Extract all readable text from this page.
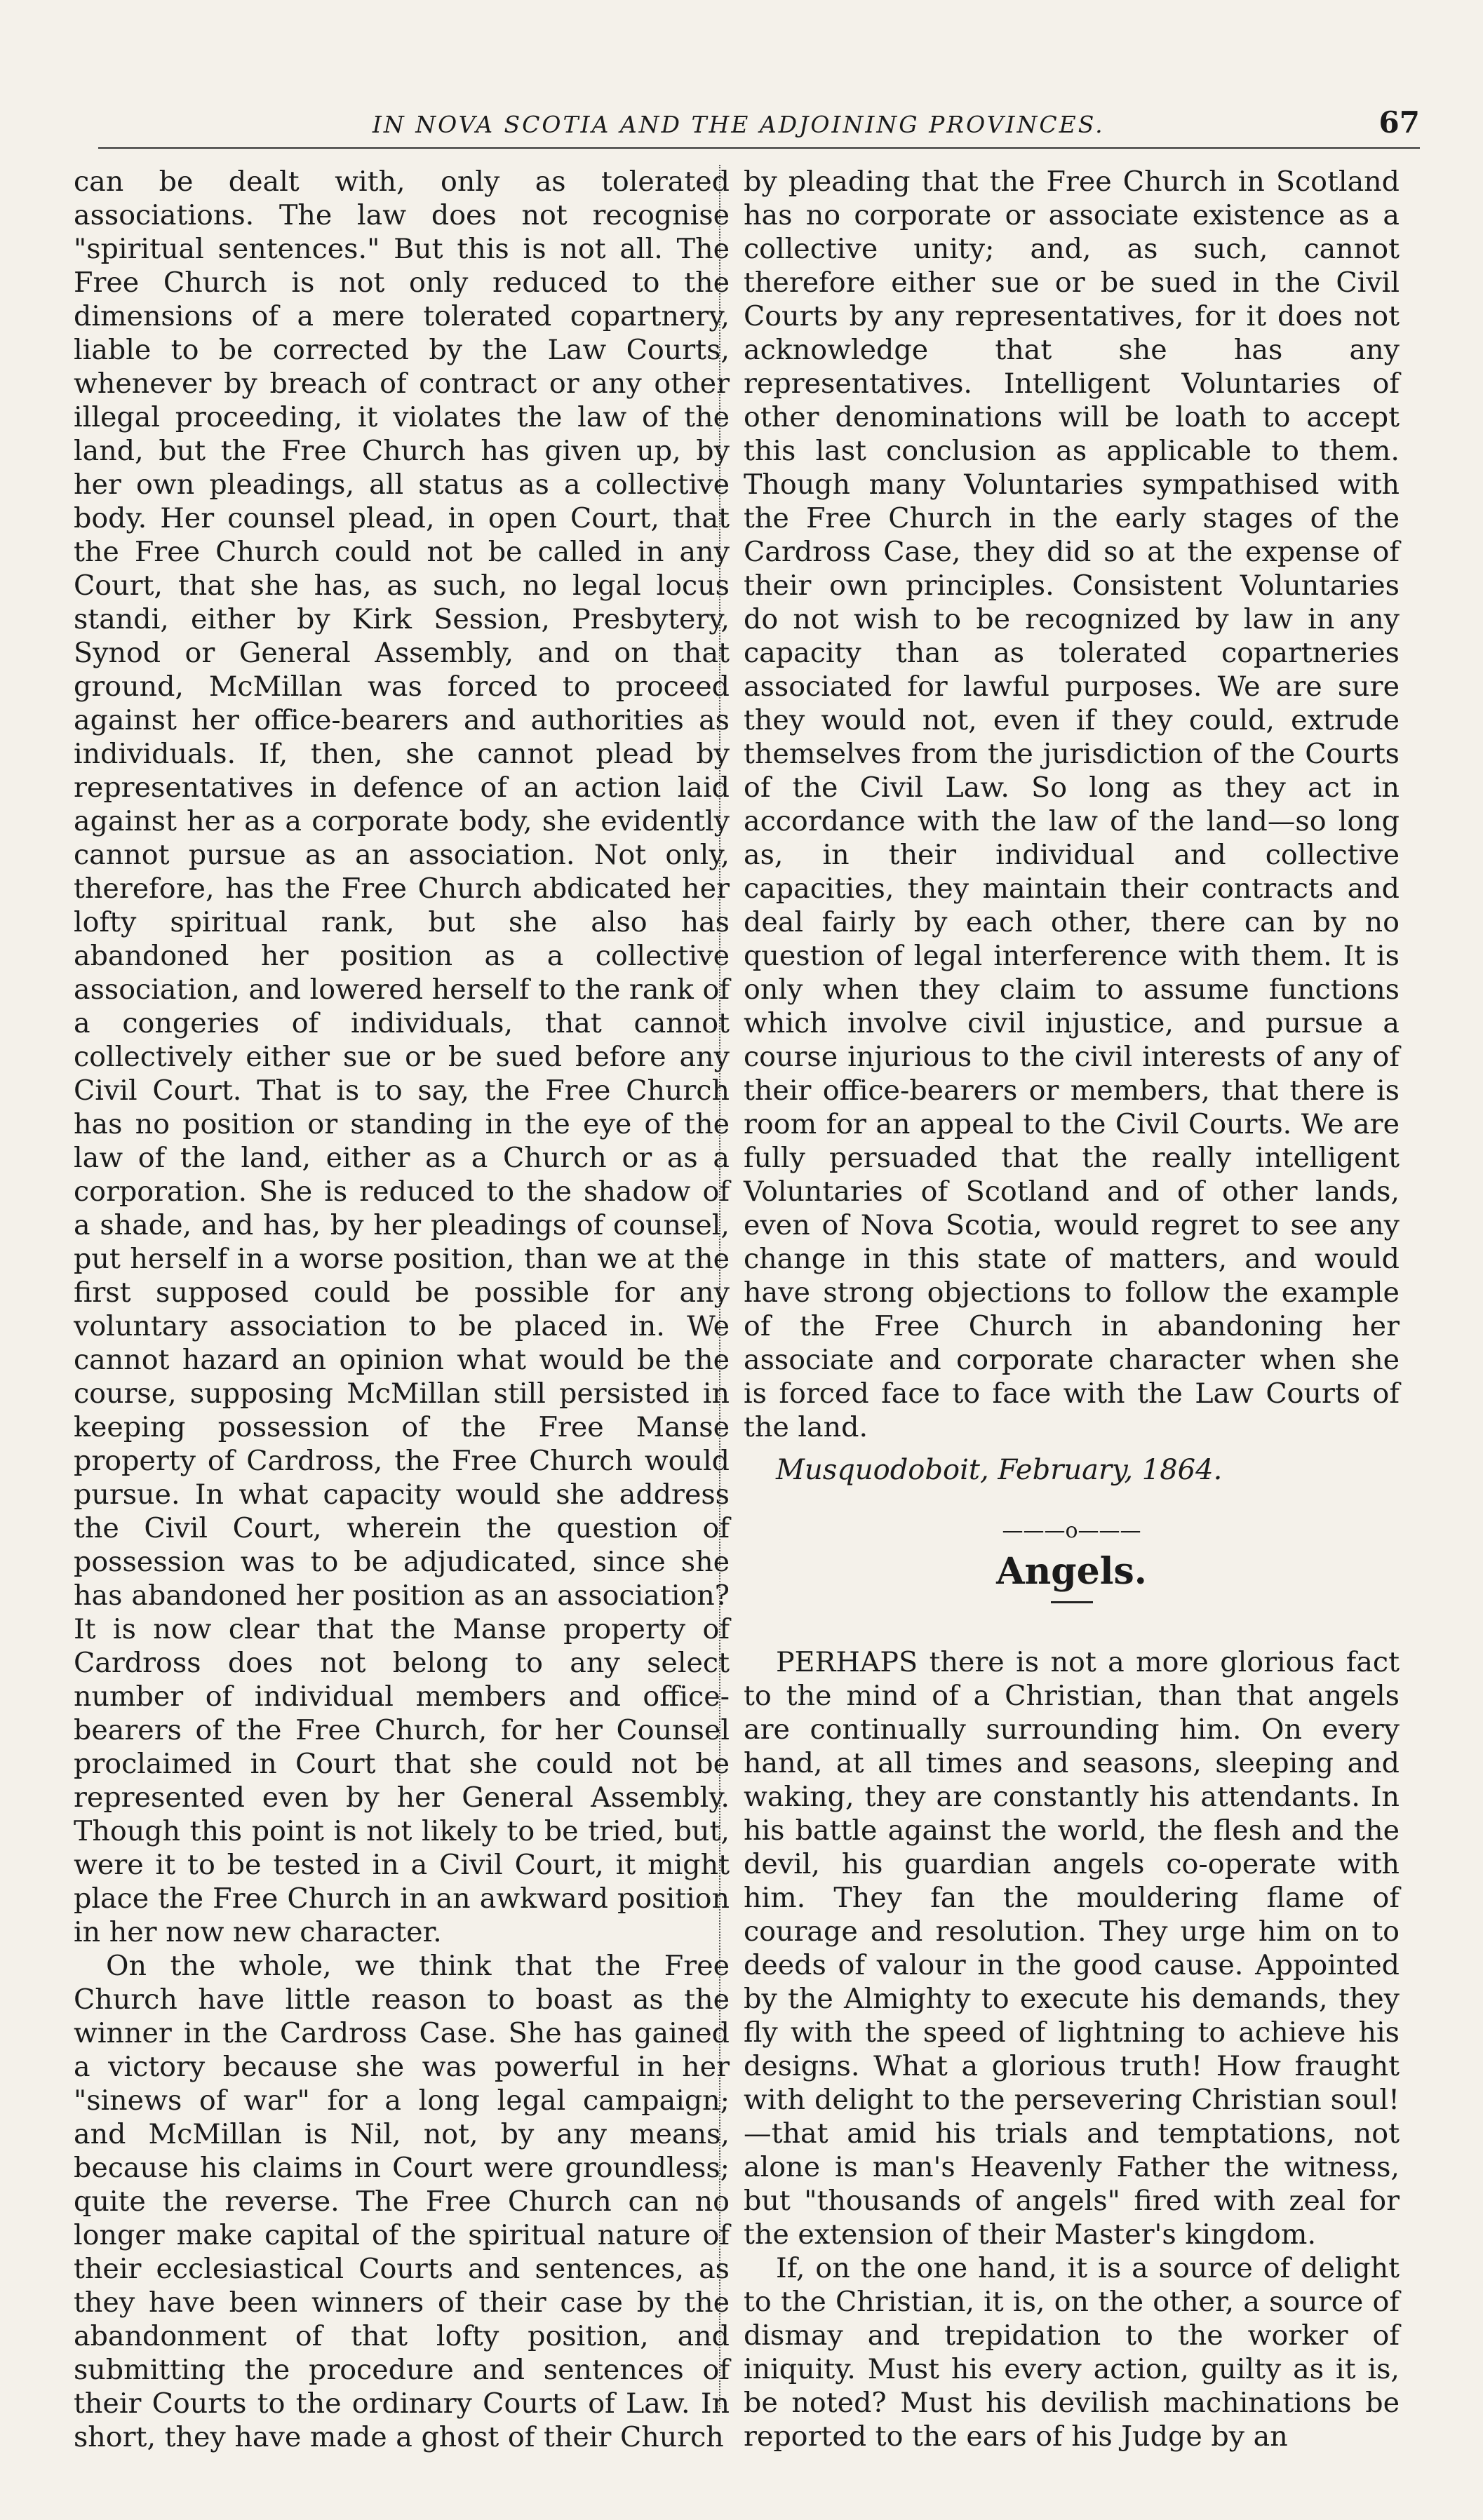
IN NOVA SCOTIA AND THE ADJOINING PROVINCES.	67

can be dealt with, only as tolerated associations. The law does not recognise "spiritual sentences." But this is not all. The Free Church is not only reduced to the dimensions of a mere tolerated copartnery, liable to be corrected by the Law Courts, whenever by breach of contract or any other illegal proceeding, it violates the law of the land, but the Free Church has given up, by her own pleadings, all status as a collective body. Her counsel plead, in open Court, that the Free Church could not be called in any Court, that she has, as such, no legal locus standi, either by Kirk Session, Presbytery, Synod or General Assembly, and on that ground, McMillan was forced to proceed against her office-bearers and authorities as individuals. If, then, she cannot plead by representatives in defence of an action laid against her as a corporate body, she evidently cannot pursue as an association. Not only, therefore, has the Free Church abdicated her lofty spiritual rank, but she also has abandoned her position as a collective association, and lowered herself to the rank of a congeries of individuals, that cannot collectively either sue or be sued before any Civil Court. That is to say, the Free Church has no position or standing in the eye of the law of the land, either as a Church or as a corporation. She is reduced to the shadow of a shade, and has, by her pleadings of counsel, put herself in a worse position, than we at the first supposed could be possible for any voluntary association to be placed in. We cannot hazard an opinion what would be the course, supposing McMillan still persisted in keeping possession of the Free Manse property of Cardross, the Free Church would pursue. In what capacity would she address the Civil Court, wherein the question of possession was to be adjudicated, since she has abandoned her position as an association? It is now clear that the Manse property of Cardross does not belong to any select number of individual members and office-bearers of the Free Church, for her Counsel proclaimed in Court that she could not be represented even by her General Assembly. Though this point is not likely to be tried, but, were it to be tested in a Civil Court, it might place the Free Church in an awkward position in her now new character.

On the whole, we think that the Free Church have little reason to boast as the winner in the Cardross Case. She has gained a victory because she was powerful in her "sinews of war" for a long legal campaign; and McMillan is Nil, not, by any means, because his claims in Court were groundless; quite the reverse. The Free Church can no longer make capital of the spiritual nature of their ecclesiastical Courts and sentences, as they have been winners of their case by the abandonment of that lofty position, and submitting the procedure and sentences of their Courts to the ordinary Courts of Law. In short, they have made a ghost of their Church

by pleading that the Free Church in Scotland has no corporate or associate existence as a collective unity; and, as such, cannot therefore either sue or be sued in the Civil Courts by any representatives, for it does not acknowledge that she has any representatives. Intelligent Voluntaries of other denominations will be loath to accept this last conclusion as applicable to them. Though many Voluntaries sympathised with the Free Church in the early stages of the Cardross Case, they did so at the expense of their own principles. Consistent Voluntaries do not wish to be recognized by law in any capacity than as tolerated copartneries associated for lawful purposes. We are sure they would not, even if they could, extrude themselves from the jurisdiction of the Courts of the Civil Law. So long as they act in accordance with the law of the land—so long as, in their individual and collective capacities, they maintain their contracts and deal fairly by each other, there can by no question of legal interference with them. It is only when they claim to assume functions which involve civil injustice, and pursue a course injurious to the civil interests of any of their office-bearers or members, that there is room for an appeal to the Civil Courts. We are fully persuaded that the really intelligent Voluntaries of Scotland and of other lands, even of Nova Scotia, would regret to see any change in this state of matters, and would have strong objections to follow the example of the Free Church in abandoning her associate and corporate character when she is forced face to face with the Law Courts of the land.

Musquodoboit, February, 1864.
———o———
Angels.

PERHAPS there is not a more glorious fact to the mind of a Christian, than that angels are continually surrounding him. On every hand, at all times and seasons, sleeping and waking, they are constantly his attendants. In his battle against the world, the flesh and the devil, his guardian angels co-operate with him. They fan the mouldering flame of courage and resolution. They urge him on to deeds of valour in the good cause. Appointed by the Almighty to execute his demands, they fly with the speed of lightning to achieve his designs. What a glorious truth! How fraught with delight to the persevering Christian soul!—that amid his trials and temptations, not alone is man's Heavenly Father the witness, but "thousands of angels" fired with zeal for the extension of their Master's kingdom.

If, on the one hand, it is a source of delight to the Christian, it is, on the other, a source of dismay and trepidation to the worker of iniquity. Must his every action, guilty as it is, be noted? Must his devilish machinations be reported to the ears of his Judge by an
